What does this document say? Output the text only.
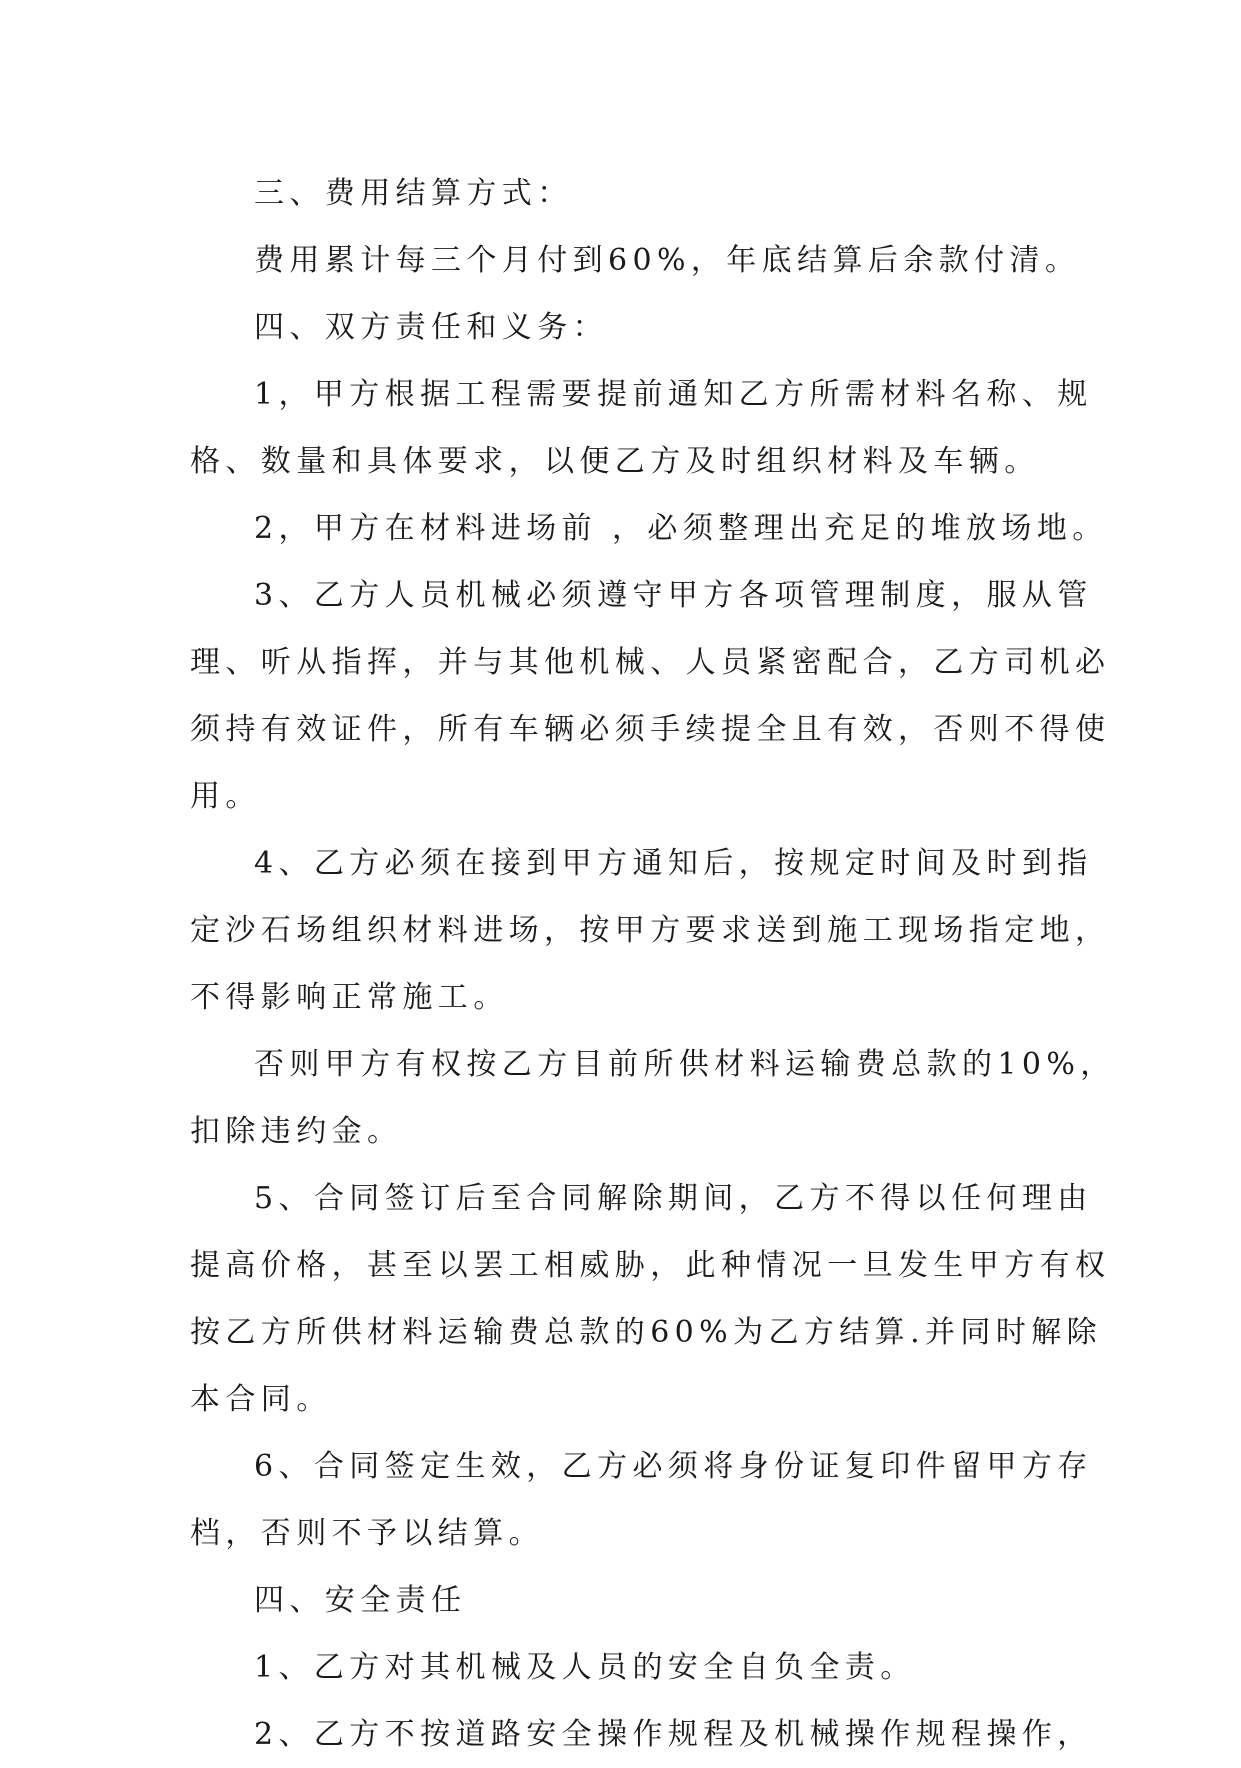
三、费用结算方式：
费用累计每三个月付到60%，年底结算后余款付清。
四、双方责任和义务：
1，甲方根据工程需要提前通知乙方所需材料名称、规
格、数量和具体要求，以便乙方及时组织材料及车辆。
2，甲方在材料进场前 ，必须整理出充足的堆放场地。
3、乙方人员机械必须遵守甲方各项管理制度，服从管
理、听从指挥，并与其他机械、人员紧密配合，乙方司机必
须持有效证件，所有车辆必须手续提全且有效，否则不得使
用。
4、乙方必须在接到甲方通知后，按规定时间及时到指
定沙石场组织材料进场，按甲方要求送到施工现场指定地，
不得影响正常施工。
否则甲方有权按乙方目前所供材料运输费总款的10%，
扣除违约金。
5、合同签订后至合同解除期间，乙方不得以任何理由
提高价格，甚至以罢工相威胁，此种情况一旦发生甲方有权
按乙方所供材料运输费总款的60%为乙方结算.并同时解除
本合同。
6、合同签定生效，乙方必须将身份证复印件留甲方存
档，否则不予以结算。
四、安全责任
1、乙方对其机械及人员的安全自负全责。
2、乙方不按道路安全操作规程及机械操作规程操作，
